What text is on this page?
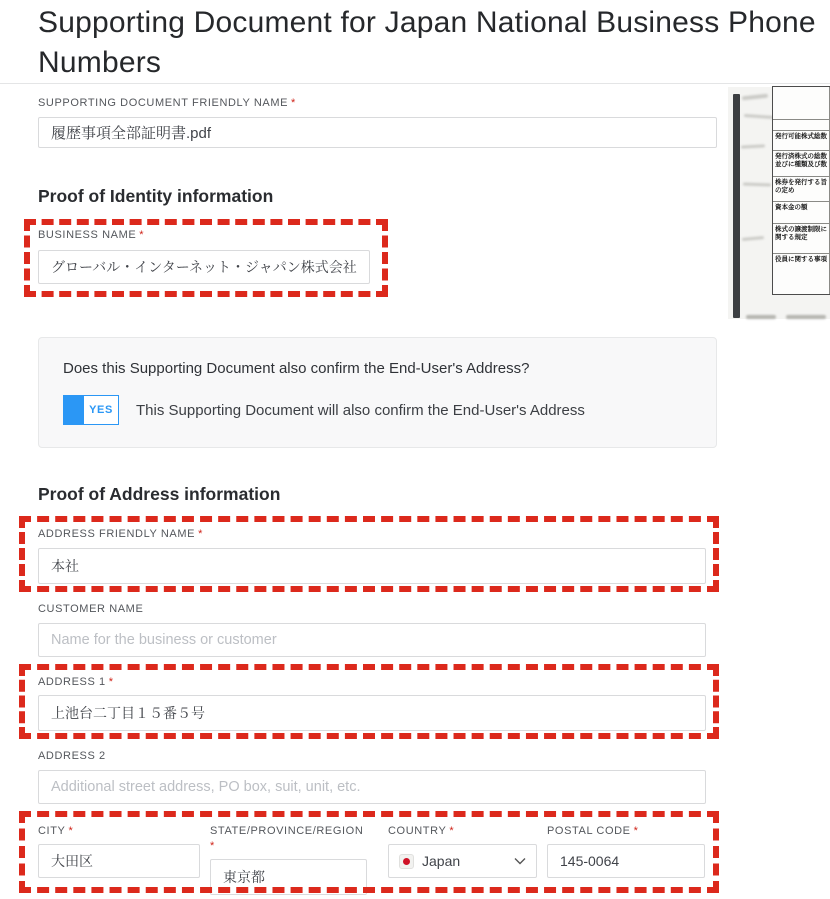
Supporting Document for Japan National Business Phone
Numbers
SUPPORTING DOCUMENT FRIENDLY NAME *
履歴事項全部証明書.pdf
Proof of Identity information
BUSINESS NAME *
グローバル・インターネット・ジャパン株式会社
Does this Supporting Document also confirm the End-User's Address?
YES	This Supporting Document will also confirm the End-User's Address
Proof of Address information
ADDRESS FRIENDLY NAME *
本社
CUSTOMER NAME
Name for the business or customer
ADDRESS 1 *
上池台二丁目１５番５号
ADDRESS 2
Additional street address, PO box, suit, unit, etc.
CITY *
大田区	STATE/PROVINCE/REGION
*
東京都
COUNTRY *
Japan
POSTAL CODE *
145-0064
発行可能株式総数
発行済株式の総数並びに種類及び数
株券を発行する旨の定め
資本金の額
株式の譲渡制限に関する規定
役員に関する事項
